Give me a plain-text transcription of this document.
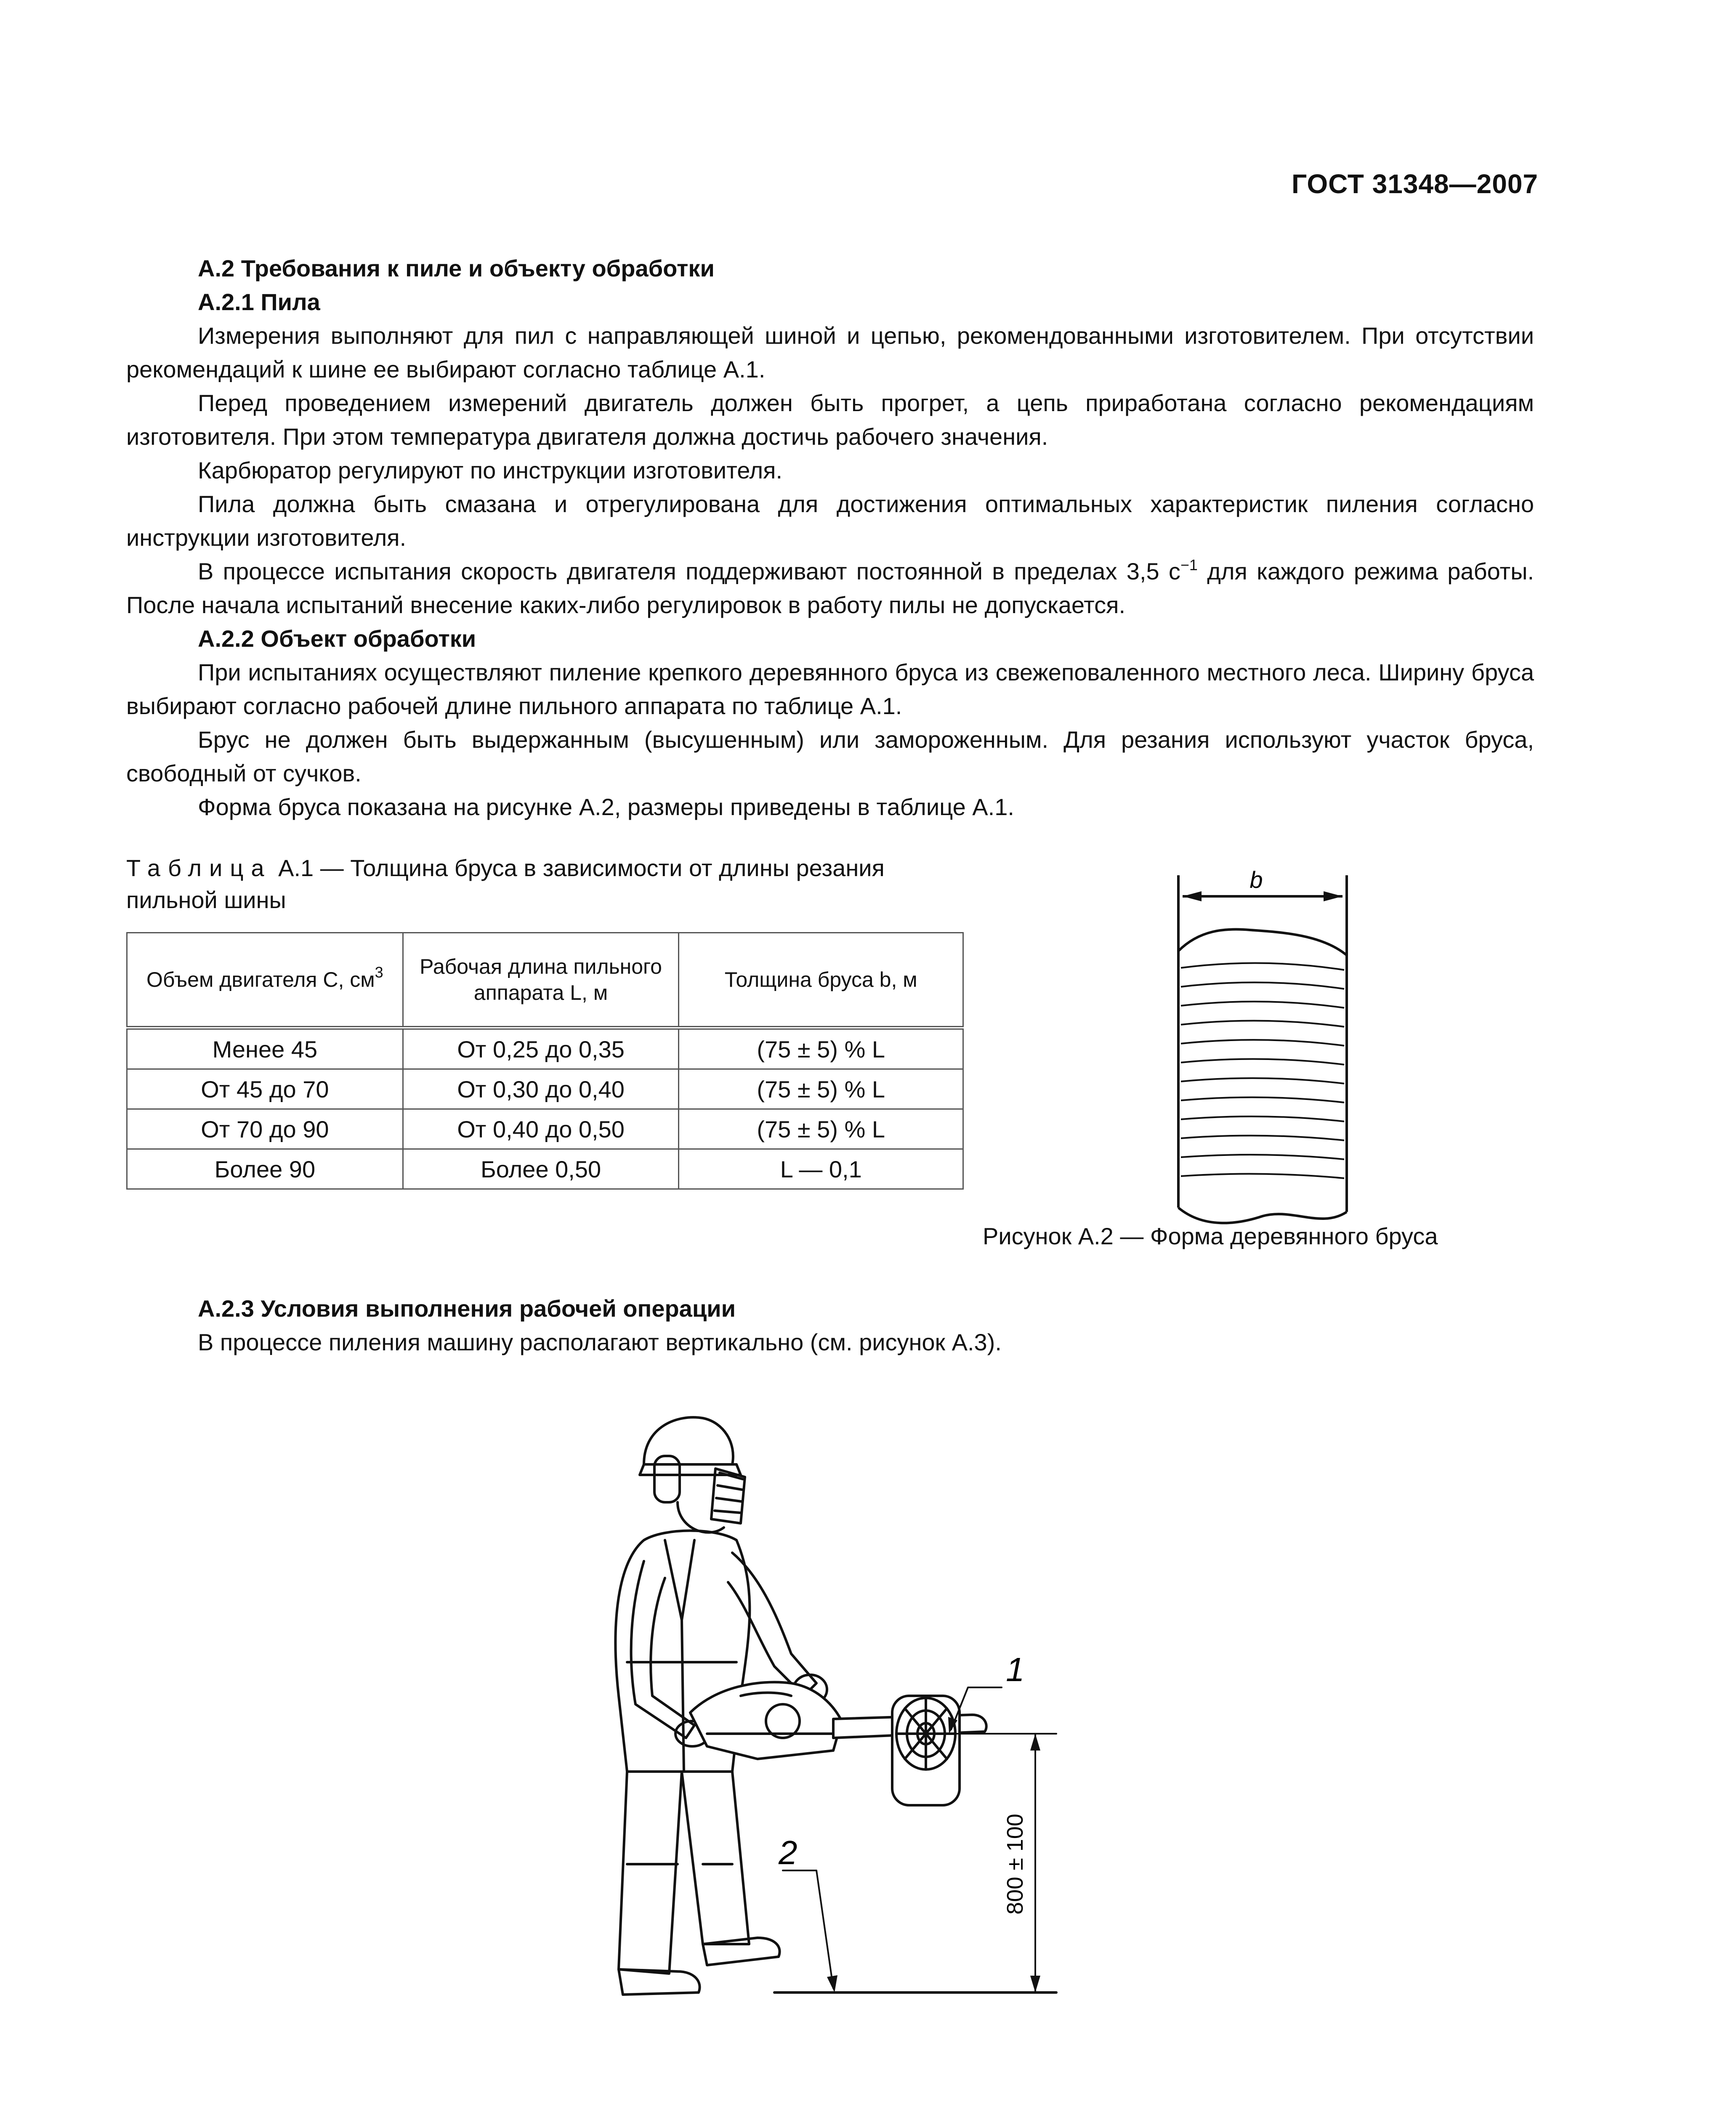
ГОСТ 31348—2007
А.2 Требования к пиле и объекту обработки
А.2.1 Пила

Измерения выполняют для пил с направляющей шиной и цепью, рекомендованными изготовителем. При отсутствии рекомендаций к шине ее выбирают согласно таблице А.1.

Перед проведением измерений двигатель должен быть прогрет, а цепь приработана согласно рекомендациям изготовителя. При этом температура двигателя должна достичь рабочего значения.

Карбюратор регулируют по инструкции изготовителя.

Пила должна быть смазана и отрегулирована для достижения оптимальных характеристик пиления согласно инструкции изготовителя.

В процессе испытания скорость двигателя поддерживают постоянной в пределах 3,5 $с^{-1}$ для каждого режима работы. После начала испытаний внесение каких-либо регулировок в работу пилы не допускается.

А.2.2 Объект обработки

При испытаниях осуществляют пиление крепкого деревянного бруса из свежеповаленного местного леса. Ширину бруса выбирают согласно рабочей длине пильного аппарата по таблице А.1.

Брус не должен быть выдержанным (высушенным) или замороженным. Для резания используют участок бруса, свободный от сучков.

Форма бруса показана на рисунке А.2, размеры приведены в таблице А.1.

Таблица А.1 — Толщина бруса в зависимости от длины резания пильной шины
Объем двигателя C, $см^3$	Рабочая длина пильного аппарата L, м	Толщина бруса b, м
Менее 45	От 0,25 до 0,35	(75 ± 5) % L
От 45 до 70	От 0,30 до 0,40	(75 ± 5) % L
От 70 до 90	От 0,40 до 0,50	(75 ± 5) % L
Более 90	Более 0,50	L — 0,1
b
Рисунок А.2 — Форма деревянного бруса
А.2.3 Условия выполнения рабочей операции
В процессе пиления машину располагают вертикально (см. рисунок А.3).
1
2	800 ± 100
